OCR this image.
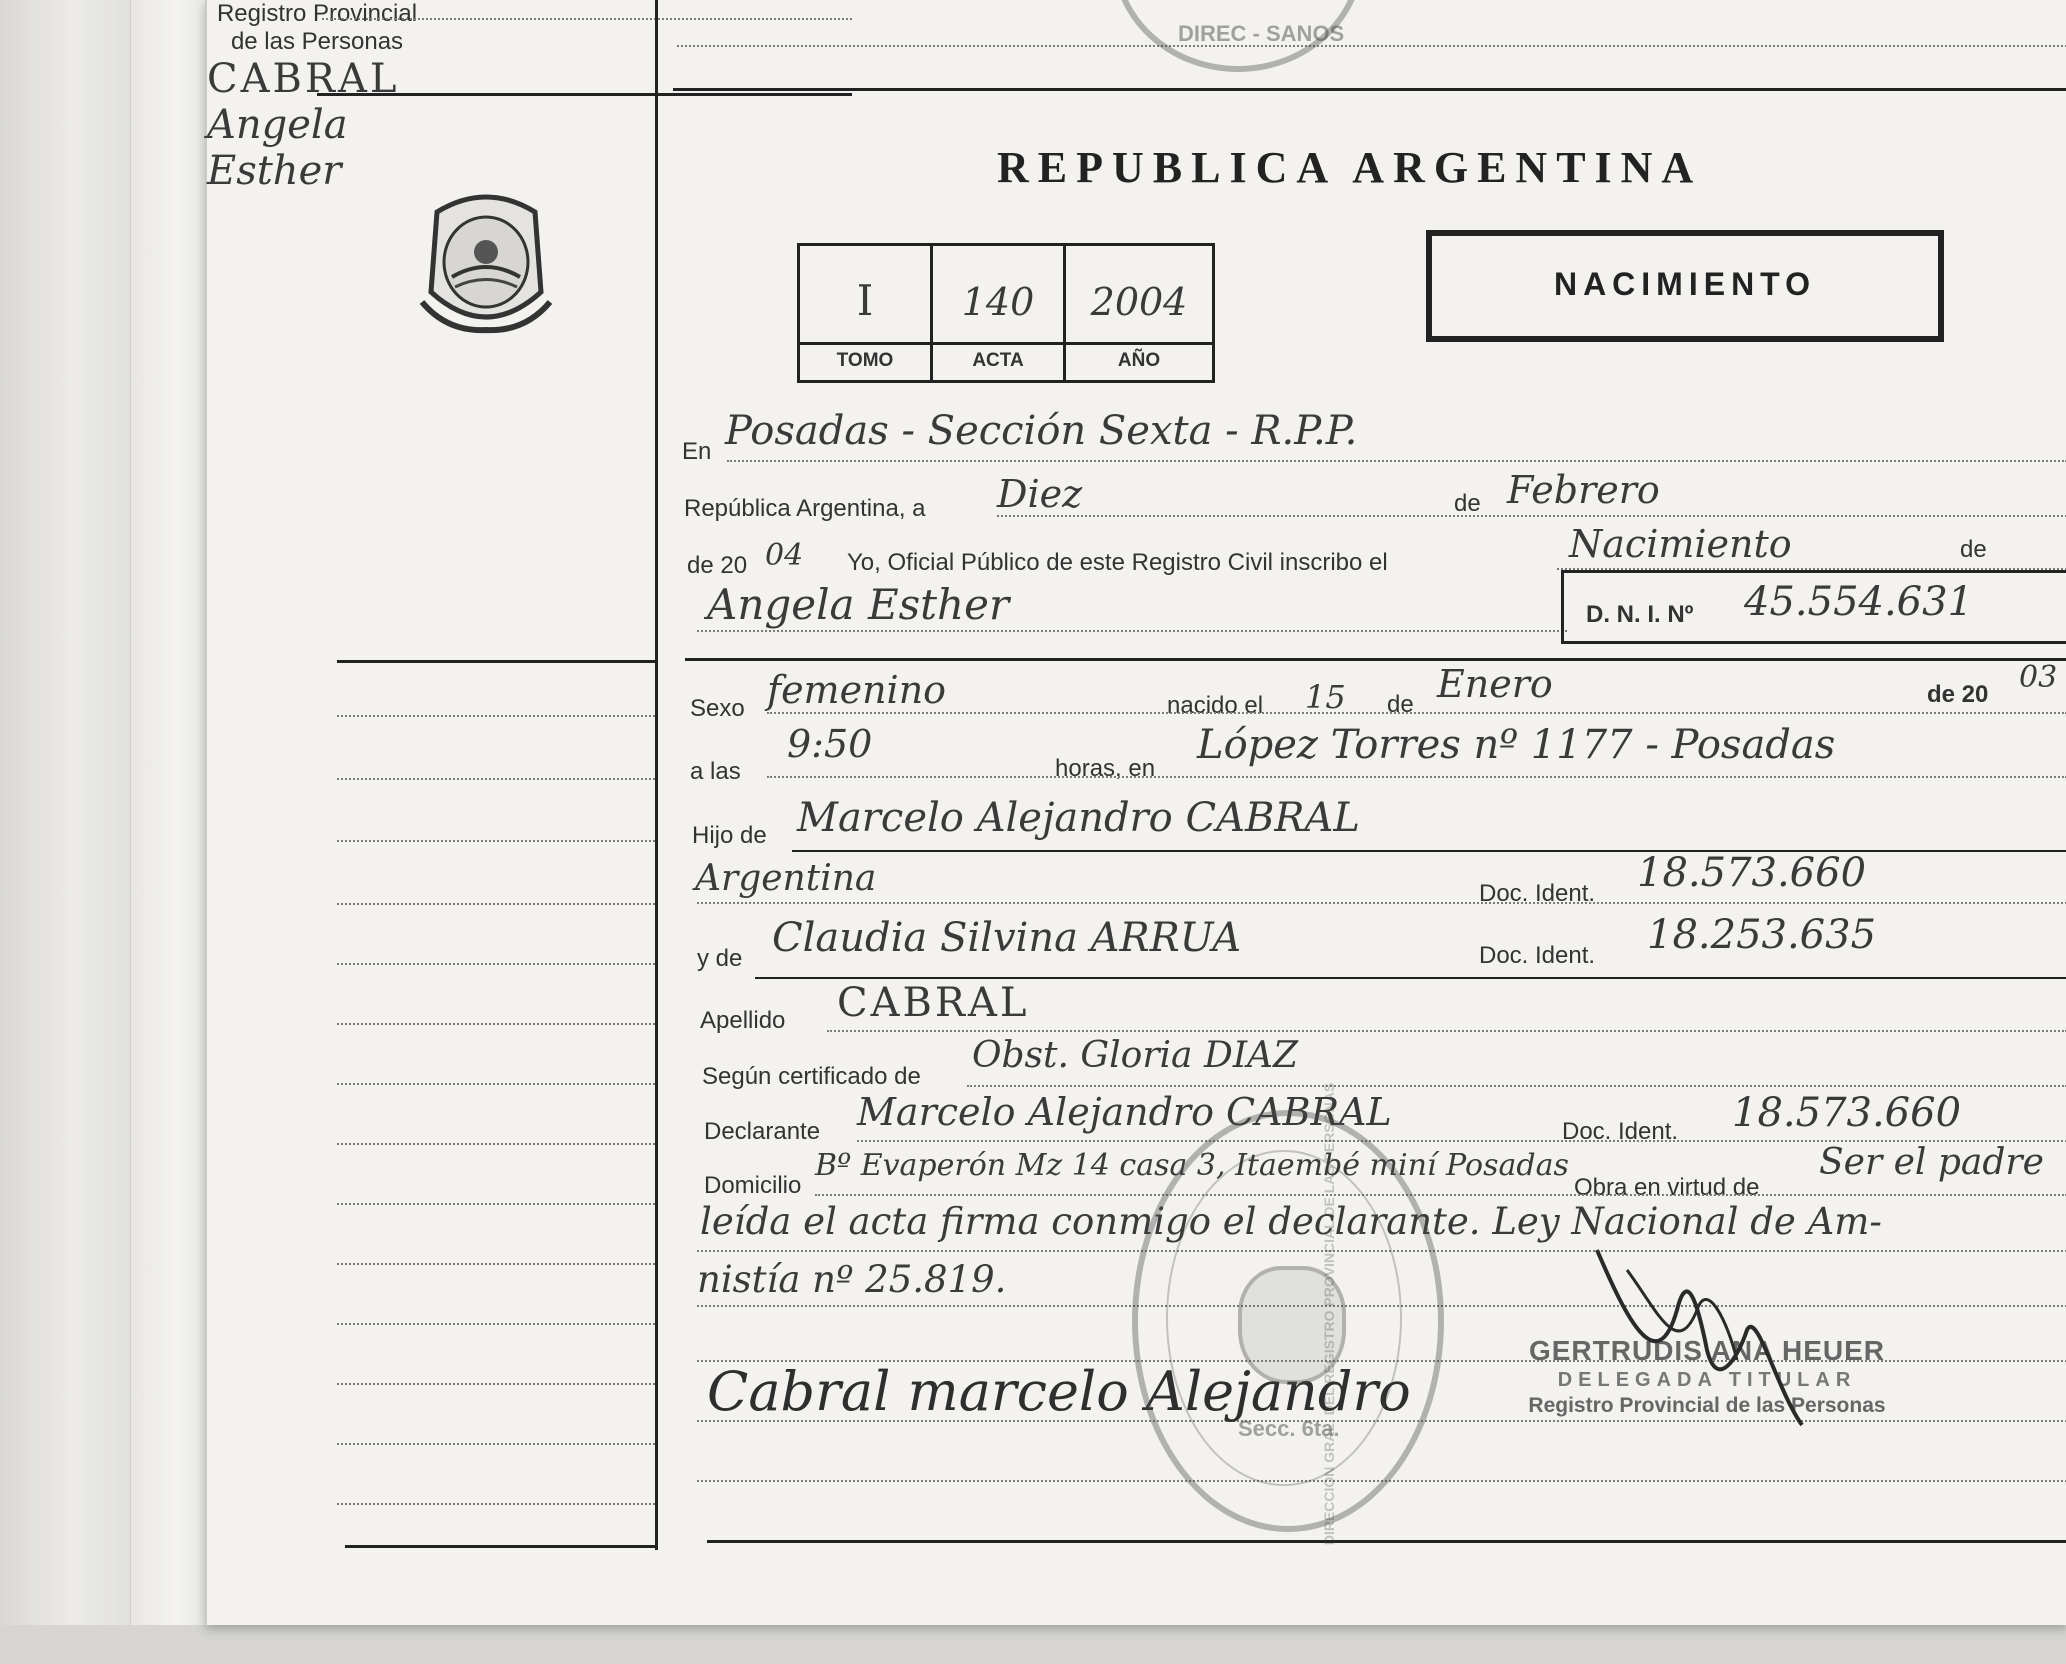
DIREC - SANOS
Registro Provincial
de las Personas
CABRAL
Angela
Esther	REPUBLICA ARGENTINA
I	140	2004
TOMO	ACTA	AÑO
NACIMIENTO
En Posadas - Sección Sexta - R.P.P.
República Argentina, a Diez	de Febrero
de 20 04 Yo, Oficial Público de este Registro Civil inscribo el	Nacimiento	de
Angela Esther	D. N. I. Nº 45.554.631
Sexo femenino	nacido el 15 de Enero	de 20 03
a las
9:50
horas, en
López Torres nº 1177 - Posadas
Hijo de Marcelo Alejandro CABRAL
Argentina	Doc. Ident. 18.573.660
y de Claudia Silvina ARRUA	Doc. Ident. 18.253.635
Apellido CABRAL
Según certificado de
Obst. Gloria DIAZ
Declarante Marcelo Alejandro CABRAL	Doc. Ident. 18.573.660
Domicilio
Bº Evaperón Mz 14 casa 3, Itaembé miní Posadas
Obra en virtud de
Ser el padre
leída el acta firma conmigo el declarante. Ley Nacional de Am-
nistía nº 25.819.
Cabral marcelo Alejandro
GERTRUDIS ANA HEUER
DELEGADA TITULAR
Registro Provincial de las Personas
Secc. 6ta.
DIRECCION GRAL. DEL REGISTRO PROVINCIAL DE LAS PERSONAS
